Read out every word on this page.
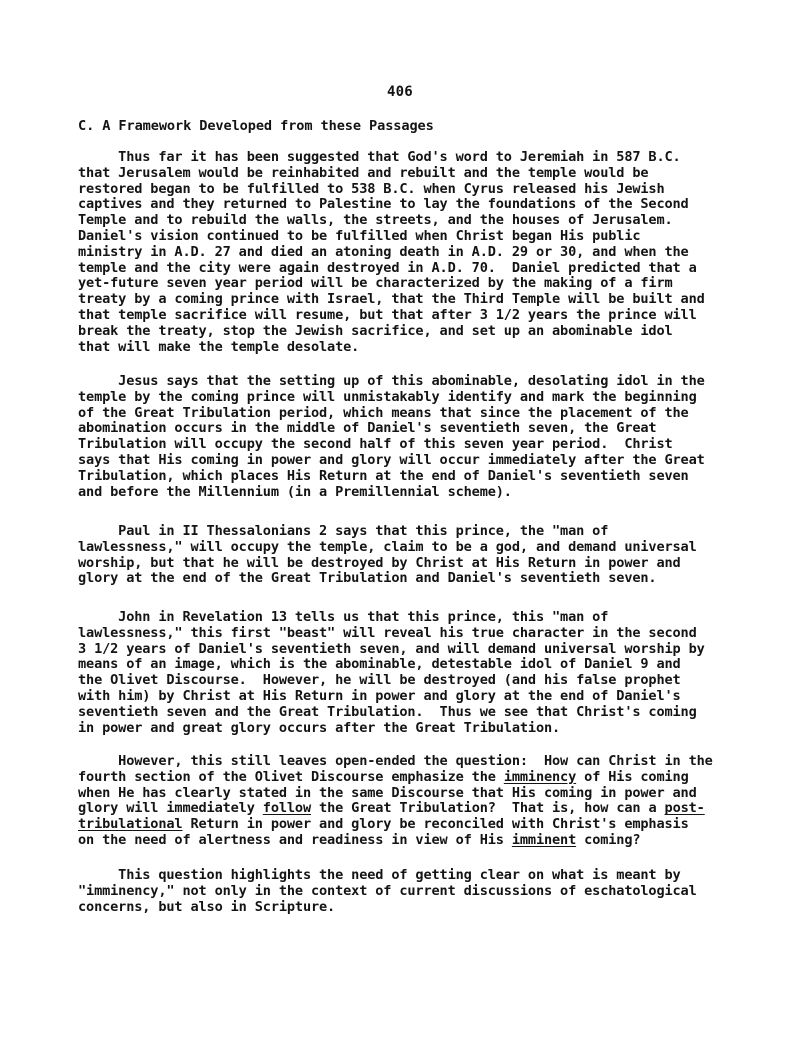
406
C. A Framework Developed from these Passages
Thus far it has been suggested that God's word to Jeremiah in 587 B.C.
that Jerusalem would be reinhabited and rebuilt and the temple would be
restored began to be fulfilled to 538 B.C. when Cyrus released his Jewish
captives and they returned to Palestine to lay the foundations of the Second
Temple and to rebuild the walls, the streets, and the houses of Jerusalem.
Daniel's vision continued to be fulfilled when Christ began His public
ministry in A.D. 27 and died an atoning death in A.D. 29 or 30, and when the
temple and the city were again destroyed in A.D. 70.  Daniel predicted that a
yet-future seven year period will be characterized by the making of a firm
treaty by a coming prince with Israel, that the Third Temple will be built and
that temple sacrifice will resume, but that after 3 1/2 years the prince will
break the treaty, stop the Jewish sacrifice, and set up an abominable idol
that will make the temple desolate.
Jesus says that the setting up of this abominable, desolating idol in the
temple by the coming prince will unmistakably identify and mark the beginning
of the Great Tribulation period, which means that since the placement of the
abomination occurs in the middle of Daniel's seventieth seven, the Great
Tribulation will occupy the second half of this seven year period.  Christ
says that His coming in power and glory will occur immediately after the Great
Tribulation, which places His Return at the end of Daniel's seventieth seven
and before the Millennium (in a Premillennial scheme).
Paul in II Thessalonians 2 says that this prince, the "man of
lawlessness," will occupy the temple, claim to be a god, and demand universal
worship, but that he will be destroyed by Christ at His Return in power and
glory at the end of the Great Tribulation and Daniel's seventieth seven.
John in Revelation 13 tells us that this prince, this "man of
lawlessness," this first "beast" will reveal his true character in the second
3 1/2 years of Daniel's seventieth seven, and will demand universal worship by
means of an image, which is the abominable, detestable idol of Daniel 9 and
the Olivet Discourse.  However, he will be destroyed (and his false prophet
with him) by Christ at His Return in power and glory at the end of Daniel's
seventieth seven and the Great Tribulation.  Thus we see that Christ's coming
in power and great glory occurs after the Great Tribulation.
However, this still leaves open-ended the question:  How can Christ in the
fourth section of the Olivet Discourse emphasize the imminency of His coming
when He has clearly stated in the same Discourse that His coming in power and
glory will immediately follow the Great Tribulation?  That is, how can a post-
tribulational Return in power and glory be reconciled with Christ's emphasis
on the need of alertness and readiness in view of His imminent coming?
This question highlights the need of getting clear on what is meant by
"imminency," not only in the context of current discussions of eschatological
concerns, but also in Scripture.
